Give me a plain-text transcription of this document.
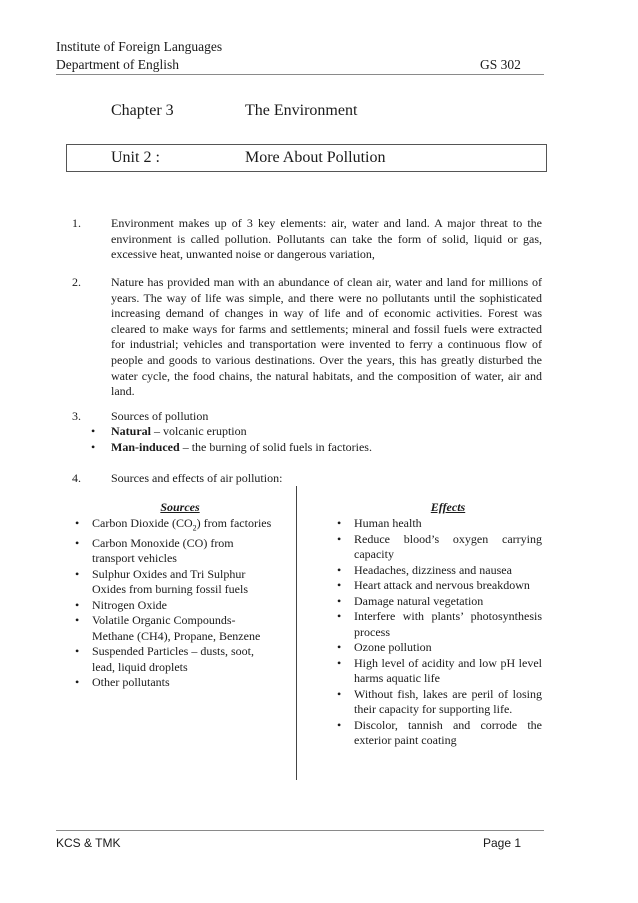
Institute of Foreign Languages
Department of English	GS 302
Chapter 3	The Environment
Unit 2 :	More About Pollution
1.	Environment makes up of 3 key elements: air, water and land. A major threat to the environment is called pollution. Pollutants can take the form of solid, liquid or gas, excessive heat, unwanted noise or dangerous variation,
2.	Nature has provided man with an abundance of clean air, water and land for millions of years. The way of life was simple, and there were no pollutants until the sophisticated increasing demand of changes in way of life and of economic activities. Forest was cleared to make ways for farms and settlements; mineral and fossil fuels were extracted for industrial; vehicles and transportation were invented to ferry a continuous flow of people and goods to various destinations. Over the years, this has greatly disturbed the water cycle, the food chains, the natural habitats, and the composition of water, air and land.
3.	Sources of pollution
• Natural – volcanic eruption
• Man-induced – the burning of solid fuels in factories.
4.	Sources and effects of air pollution:
Sources	Effects
• Carbon Dioxide $(CO_2)$ from factories
• Carbon Monoxide (CO) from transport vehicles
• Sulphur Oxides and Tri Sulphur Oxides from burning fossil fuels
• Nitrogen Oxide
• Volatile Organic Compounds- Methane (CH4), Propane, Benzene
• Suspended Particles – dusts, soot, lead, liquid droplets
• Other pollutants
• Human health
• Reduce blood’s oxygen carrying capacity
• Headaches, dizziness and nausea
• Heart attack and nervous breakdown
• Damage natural vegetation
• Interfere with plants’ photosynthesis process
• Ozone pollution
• High level of acidity and low pH level harms aquatic life
• Without fish, lakes are peril of losing their capacity for supporting life.
• Discolor, tannish and corrode the exterior paint coating
KCS & TMK	Page 1
